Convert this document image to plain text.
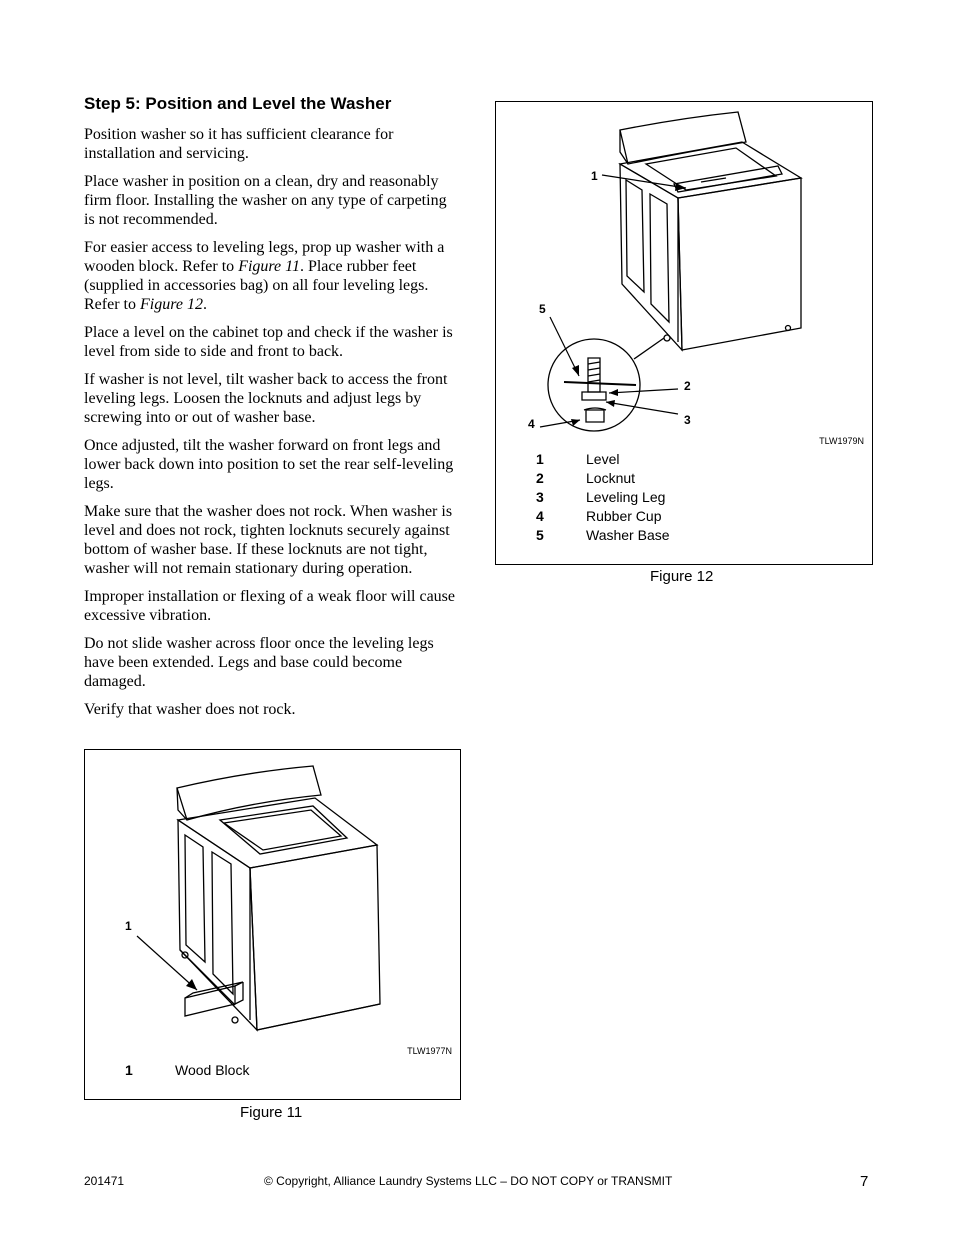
Step 5: Position and Level the Washer

Position washer so it has sufficient clearance for installation and servicing.

Place washer in position on a clean, dry and reasonably firm floor. Installing the washer on any type of carpeting is not recommended.

For easier access to leveling legs, prop up washer with a wooden block. Refer to Figure 11. Place rubber feet (supplied in accessories bag) on all four leveling legs. Refer to Figure 12.

Place a level on the cabinet top and check if the washer is level from side to side and front to back.

If washer is not level, tilt washer back to access the front leveling legs. Loosen the locknuts and adjust legs by screwing into or out of washer base.

Once adjusted, tilt the washer forward on front legs and lower back down into position to set the rear self-leveling legs.

Make sure that the washer does not rock. When washer is level and does not rock, tighten locknuts securely against bottom of washer base. If these locknuts are not tight, washer will not remain stationary during operation.

Improper installation or flexing of a weak floor will cause excessive vibration.

Do not slide washer across floor once the leveling legs have been extended. Legs and base could become damaged.

Verify that washer does not rock.

1
TLW1977N
1	Wood Block
Figure 11
1
5
2
3
4
TLW1979N
1	Level
2	Locknut
3	Leveling Leg
4	Rubber Cup
5	Washer Base
Figure 12
201471	© Copyright, Alliance Laundry Systems LLC – DO NOT COPY or TRANSMIT	7
